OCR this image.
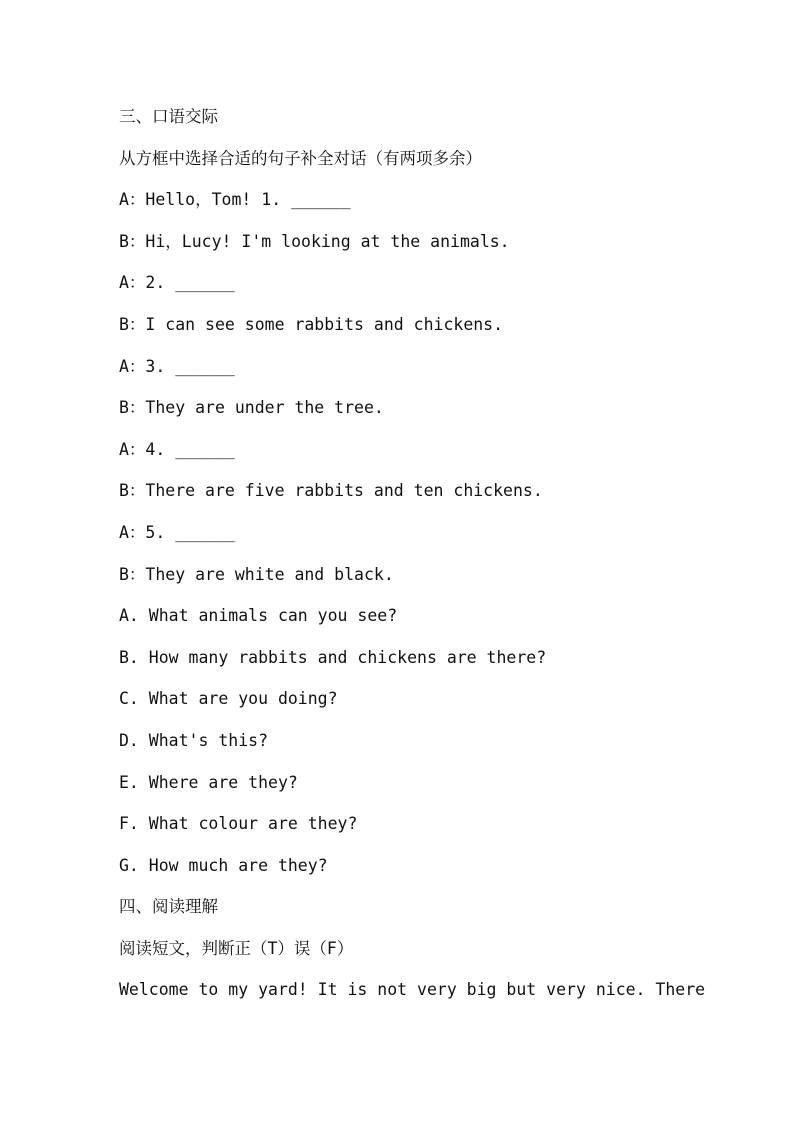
三、口语交际
从方框中选择合适的句子补全对话（有两项多余）
A：Hello，Tom! 1. ______
B：Hi，Lucy! I'm looking at the animals.
A：2. ______
B：I can see some rabbits and chickens.
A：3. ______
B：They are under the tree.
A：4. ______
B：There are five rabbits and ten chickens.
A：5. ______
B：They are white and black.
A. What animals can you see?
B. How many rabbits and chickens are there?
C. What are you doing?
D. What's this?
E. Where are they?
F. What colour are they?
G. How much are they?
四、阅读理解
阅读短文，判断正（T）误（F）
Welcome to my yard! It is not very big but very nice. There
